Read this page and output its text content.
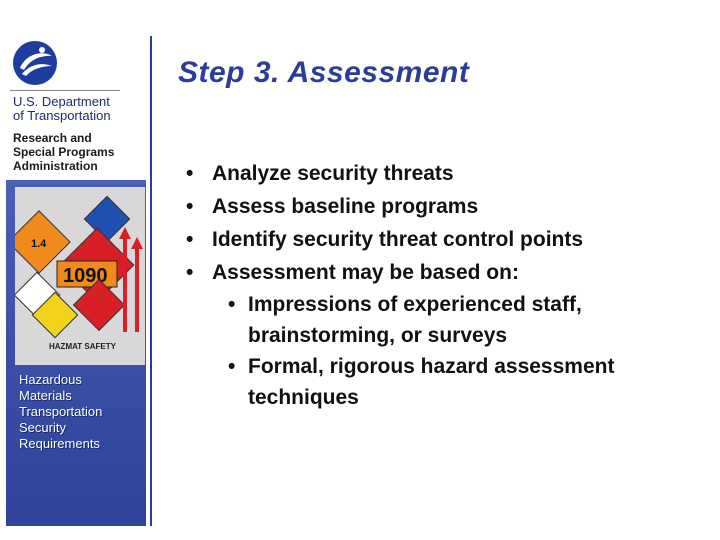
U.S. Department
of Transportation
Research and
Special Programs
Administration
1.4
1090
HAZMAT SAFETY
Hazardous
Materials
Transportation
Security
Requirements
Step 3. Assessment
• Analyze security threats
• Assess baseline programs
• Identify security threat control points
• Assessment may be based on:
• Impressions of experienced staff, brainstorming, or surveys
• Formal, rigorous hazard assessment techniques
